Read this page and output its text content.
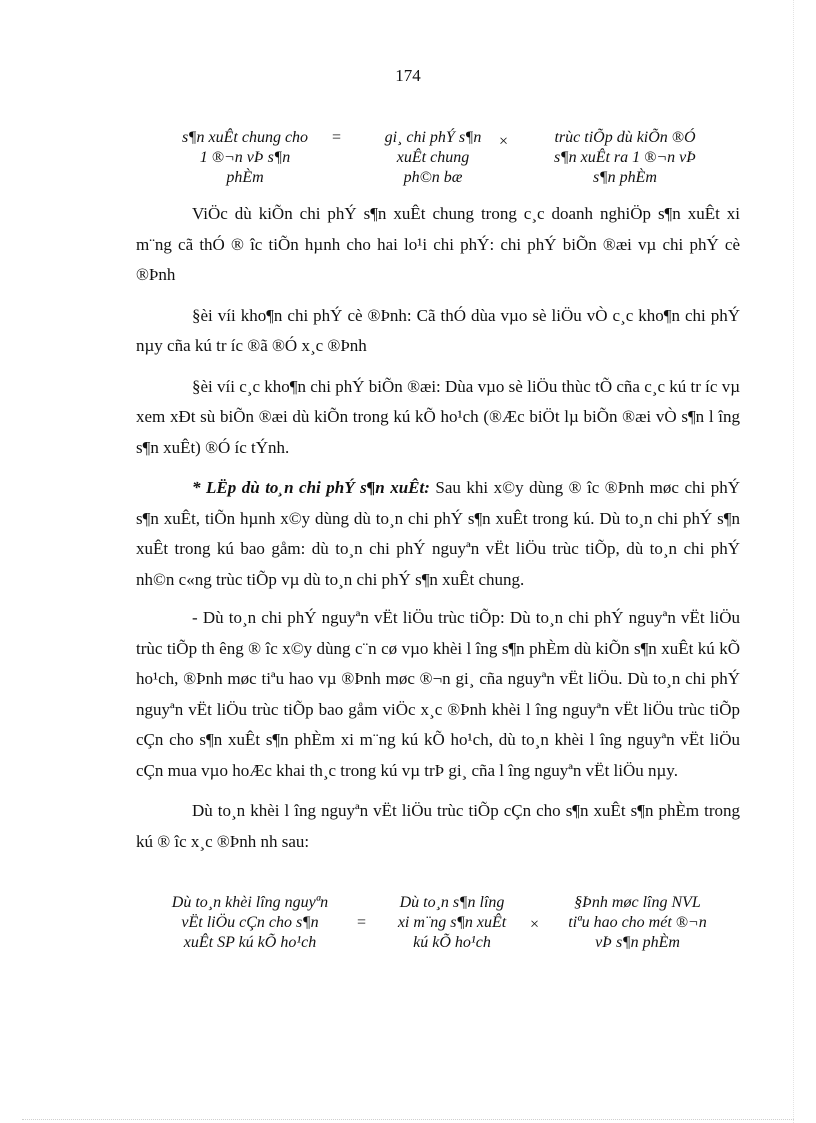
174
s¶n xuÊt chung cho
1 ®¬n vÞ s¶n
phÈm
=	gi¸ chi phÝ s¶n
xuÊt chung
ph©n bæ
×	trùc tiÕp dù kiÕn ®Ó
s¶n xuÊt ra 1 ®¬n vÞ
s¶n phÈm

ViÖc dù kiÕn chi phÝ s¶n xuÊt chung trong c¸c doanh nghiÖp s¶n xuÊt xi m¨ng cã thÓ ® îc tiÕn hµnh cho hai lo¹i chi phÝ: chi phÝ biÕn ®æi vµ chi phÝ cè ®Þnh

§èi víi kho¶n chi phÝ cè ®Þnh: Cã thÓ dùa vµo sè liÖu vÒ c¸c kho¶n chi phÝ nµy cña kú tr íc ®ã ®Ó x¸c ®Þnh

§èi víi c¸c kho¶n chi phÝ biÕn ®æi: Dùa vµo sè liÖu thùc tÕ cña c¸c kú tr íc vµ xem xÐt sù biÕn ®æi dù kiÕn trong kú kÕ ho¹ch (®Æc biÖt lµ biÕn ®æi vÒ s¶n l îng s¶n xuÊt) ®Ó íc tÝnh.

* LËp dù to¸n chi phÝ s¶n xuÊt: Sau khi x©y dùng ® îc ®Þnh møc chi phÝ s¶n xuÊt, tiÕn hµnh x©y dùng dù to¸n chi phÝ s¶n xuÊt trong kú. Dù to¸n chi phÝ s¶n xuÊt trong kú bao gåm: dù to¸n chi phÝ nguyªn vËt liÖu trùc tiÕp, dù to¸n chi phÝ nh©n c«ng trùc tiÕp vµ dù to¸n chi phÝ s¶n xuÊt chung.

- Dù to¸n chi phÝ nguyªn vËt liÖu trùc tiÕp: Dù to¸n chi phÝ nguyªn vËt liÖu trùc tiÕp th êng ® îc x©y dùng c¨n cø vµo khèi l îng s¶n phÈm dù kiÕn s¶n xuÊt kú kÕ ho¹ch, ®Þnh møc tiªu hao vµ ®Þnh møc ®¬n gi¸ cña nguyªn vËt liÖu. Dù to¸n chi phÝ nguyªn vËt liÖu trùc tiÕp bao gåm viÖc x¸c ®Þnh khèi l îng nguyªn vËt liÖu trùc tiÕp cÇn cho s¶n xuÊt s¶n phÈm xi m¨ng kú kÕ ho¹ch, dù to¸n khèi l îng nguyªn vËt liÖu cÇn mua vµo hoÆc khai th¸c trong kú vµ trÞ gi¸ cña l îng nguyªn vËt liÖu nµy.

Dù to¸n khèi l îng nguyªn vËt liÖu trùc tiÕp cÇn cho s¶n xuÊt s¶n phÈm trong kú ® îc x¸c ®Þnh nh sau:

Dù to¸n khèi lîng nguyªn
vËt liÖu cÇn cho s¶n
xuÊt SP kú kÕ ho¹ch
=
Dù to¸n s¶n lîng
xi m¨ng s¶n xuÊt
kú kÕ ho¹ch
×
§Þnh møc lîng NVL
tiªu hao cho mét ®¬n
vÞ s¶n phÈm
